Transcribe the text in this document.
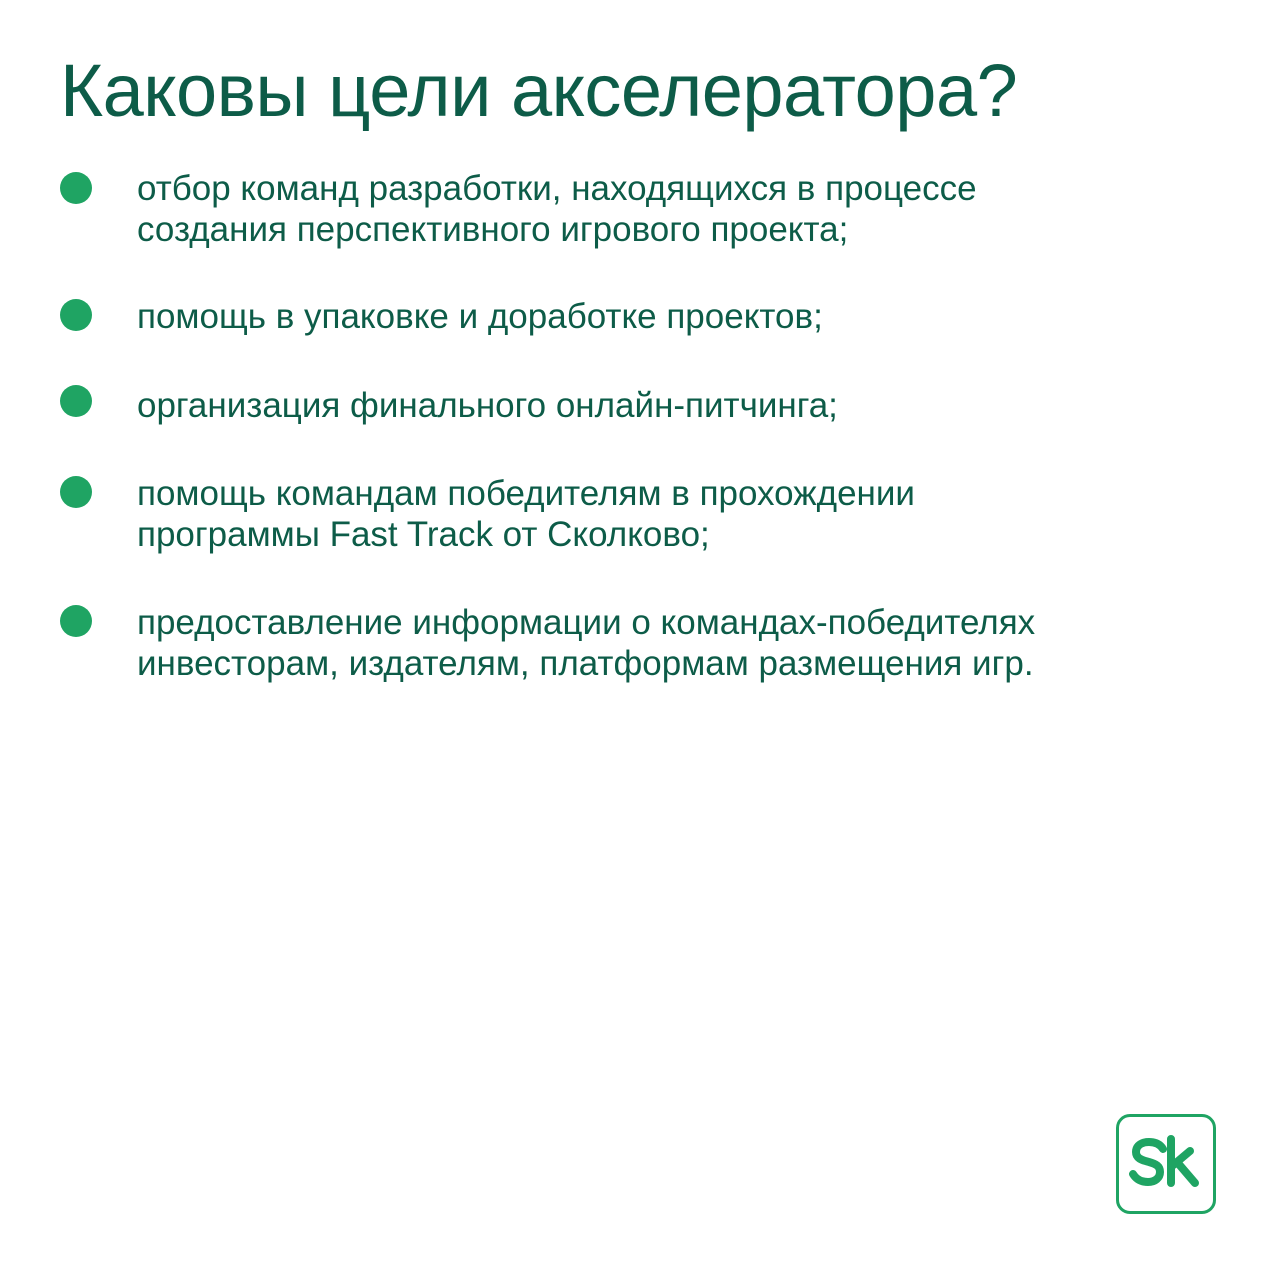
Каковы цели акселератора?
отбор команд разработки, находящихся в процессе
создания перспективного игрового проекта;
помощь в упаковке и доработке проектов;
организация финального онлайн-питчинга;
помощь командам победителям в прохождении
программы Fast Track от Сколково;
предоставление информации о командах-победителях
инвесторам, издателям, платформам размещения игр.
